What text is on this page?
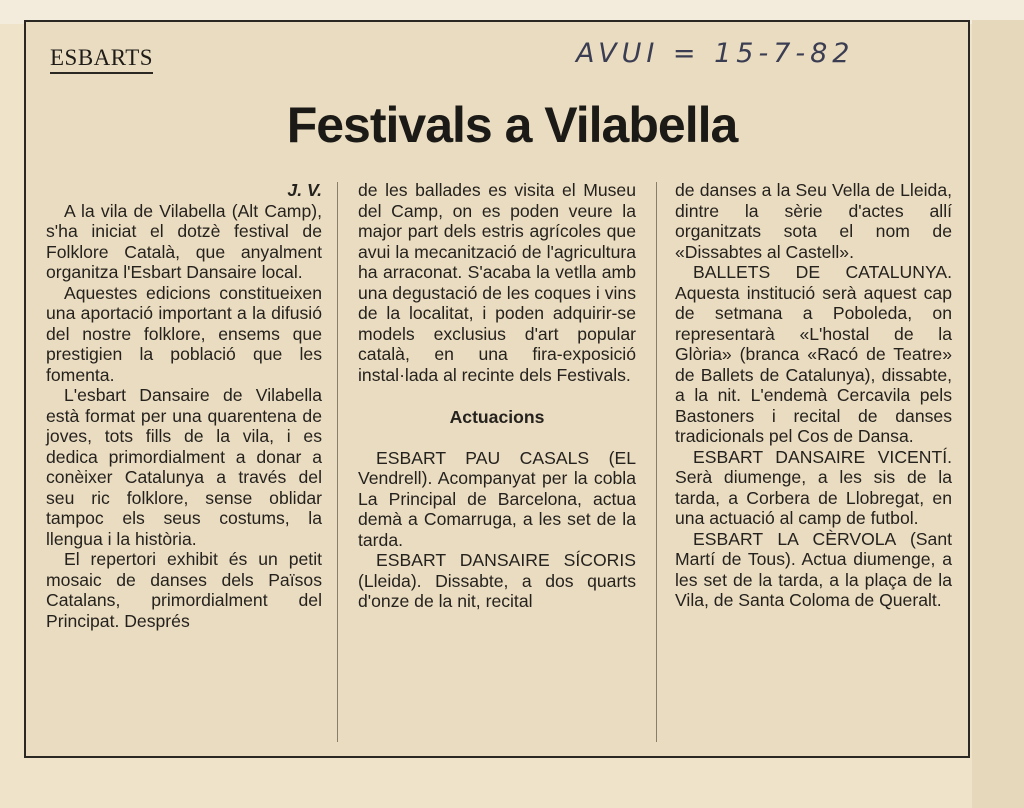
ESBARTS	AVUI = 15-7-82
Festivals a Vilabella

J. V.

A la vila de Vilabella (Alt Camp), s'ha iniciat el dotzè festival de Folklore Català, que anyalment organitza l'Esbart Dansaire local.

Aquestes edicions constitueixen una aportació important a la difusió del nostre folklore, ensems que prestigien la població que les fomenta.

L'esbart Dansaire de Vilabella està format per una quarentena de joves, tots fills de la vila, i es dedica primordialment a donar a conèixer Catalunya a través del seu ric folklore, sense oblidar tampoc els seus costums, la llengua i la història.

El repertori exhibit és un petit mosaic de danses dels Països Catalans, primordialment del Principat. Després

de les ballades es visita el Museu del Camp, on es poden veure la major part dels estris agrícoles que avui la mecanització de l'agricultura ha arraconat. S'acaba la vetlla amb una degustació de les coques i vins de la localitat, i poden adquirir-se models exclusius d'art popular català, en una fira-exposició instal·lada al recinte dels Festivals.

Actuacions

ESBART PAU CASALS (EL Vendrell). Acompanyat per la cobla La Principal de Barcelona, actua demà a Comarruga, a les set de la tarda.

ESBART DANSAIRE SÍCORIS (Lleida). Dissabte, a dos quarts d'onze de la nit, recital

de danses a la Seu Vella de Lleida, dintre la sèrie d'actes allí organitzats sota el nom de «Dissabtes al Castell».

BALLETS DE CATALUNYA. Aquesta institució serà aquest cap de setmana a Poboleda, on representarà «L'hostal de la Glòria» (branca «Racó de Teatre» de Ballets de Catalunya), dissabte, a la nit. L'endemà Cercavila pels Bastoners i recital de danses tradicionals pel Cos de Dansa.

ESBART DANSAIRE VICENTÍ. Serà diumenge, a les sis de la tarda, a Corbera de Llobregat, en una actuació al camp de futbol.

ESBART LA CÈRVOLA (Sant Martí de Tous). Actua diumenge, a les set de la tarda, a la plaça de la Vila, de Santa Coloma de Queralt.
